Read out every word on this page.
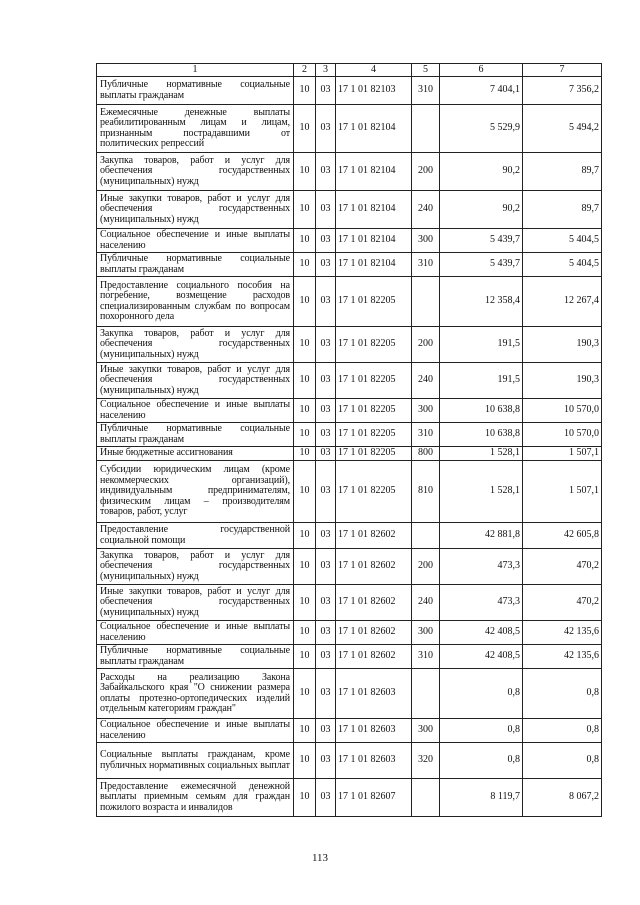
1	2	3	4	5	6	7
Публичные нормативные социальные выплаты гражданам	10	03	17 1 01 82103	310	7 404,1	7 356,2
Ежемесячные денежные выплаты реабилитированным лицам и лицам, признанным пострадавшими от политических репрессий	10	03	17 1 01 82104		5 529,9	5 494,2
Закупка товаров, работ и услуг для обеспечения государственных (муниципальных) нужд	10	03	17 1 01 82104	200	90,2	89,7
Иные закупки товаров, работ и услуг для обеспечения государственных (муниципальных) нужд	10	03	17 1 01 82104	240	90,2	89,7
Социальное обеспечение и иные выплаты населению	10	03	17 1 01 82104	300	5 439,7	5 404,5
Публичные нормативные социальные выплаты гражданам	10	03	17 1 01 82104	310	5 439,7	5 404,5
Предоставление социального пособия на погребение, возмещение расходов специализированным службам по вопросам похоронного дела	10	03	17 1 01 82205		12 358,4	12 267,4
Закупка товаров, работ и услуг для обеспечения государственных (муниципальных) нужд	10	03	17 1 01 82205	200	191,5	190,3
Иные закупки товаров, работ и услуг для обеспечения государственных (муниципальных) нужд	10	03	17 1 01 82205	240	191,5	190,3
Социальное обеспечение и иные выплаты населению	10	03	17 1 01 82205	300	10 638,8	10 570,0
Публичные нормативные социальные выплаты гражданам	10	03	17 1 01 82205	310	10 638,8	10 570,0
Иные бюджетные ассигнования	10	03	17 1 01 82205	800	1 528,1	1 507,1
Субсидии юридическим лицам (кроме некоммерческих организаций), индивидуальным предпринимателям, физическим лицам – производителям товаров, работ, услуг	10	03	17 1 01 82205	810	1 528,1	1 507,1
Предоставление государственной социальной помощи	10	03	17 1 01 82602		42 881,8	42 605,8
Закупка товаров, работ и услуг для обеспечения государственных (муниципальных) нужд	10	03	17 1 01 82602	200	473,3	470,2
Иные закупки товаров, работ и услуг для обеспечения государственных (муниципальных) нужд	10	03	17 1 01 82602	240	473,3	470,2
Социальное обеспечение и иные выплаты населению	10	03	17 1 01 82602	300	42 408,5	42 135,6
Публичные нормативные социальные выплаты гражданам	10	03	17 1 01 82602	310	42 408,5	42 135,6
Расходы на реализацию Закона Забайкальского края "О снижении размера оплаты протезно-ортопедических изделий отдельным категориям граждан"	10	03	17 1 01 82603		0,8	0,8
Социальное обеспечение и иные выплаты населению	10	03	17 1 01 82603	300	0,8	0,8
Социальные выплаты гражданам, кроме публичных нормативных социальных выплат	10	03	17 1 01 82603	320	0,8	0,8
Предоставление ежемесячной денежной выплаты приемным семьям для граждан пожилого возраста и инвалидов	10	03	17 1 01 82607		8 119,7	8 067,2
113
